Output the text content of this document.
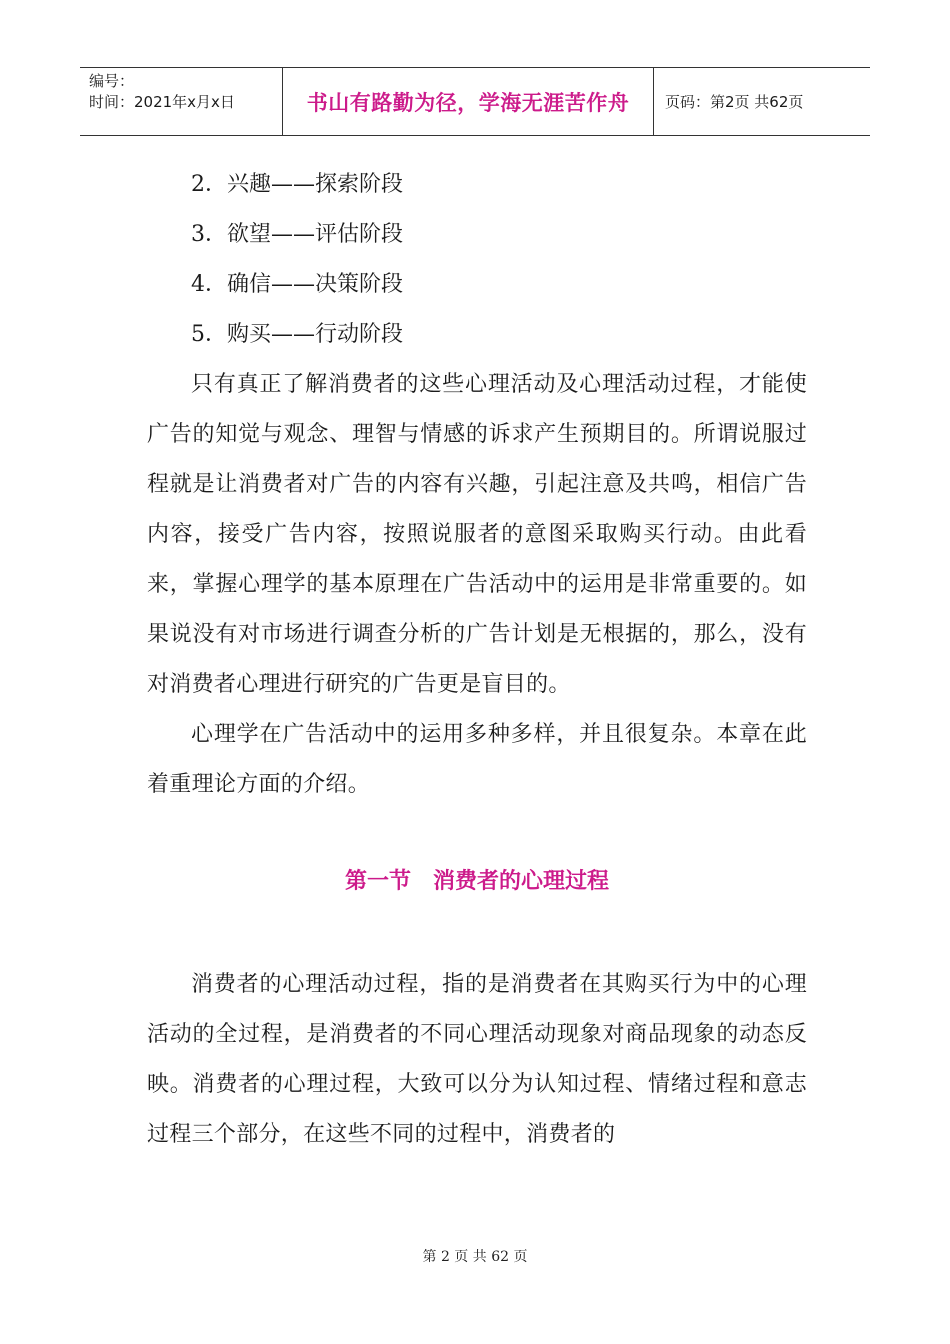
编号：
时间：2021年x月x日	书山有路勤为径，学海无涯苦作舟	页码：第2页 共62页
2．兴趣——探索阶段
3．欲望——评估阶段
4．确信——决策阶段
5．购买——行动阶段

只有真正了解消费者的这些心理活动及心理活动过程，才能使广告的知觉与观念、理智与情感的诉求产生预期目的。所谓说服过程就是让消费者对广告的内容有兴趣，引起注意及共鸣，相信广告内容，接受广告内容，按照说服者的意图采取购买行动。由此看来，掌握心理学的基本原理在广告活动中的运用是非常重要的。如果说没有对市场进行调查分析的广告计划是无根据的，那么，没有对消费者心理进行研究的广告更是盲目的。

心理学在广告活动中的运用多种多样，并且很复杂。本章在此着重理论方面的介绍。

第一节　消费者的心理过程

消费者的心理活动过程，指的是消费者在其购买行为中的心理活动的全过程，是消费者的不同心理活动现象对商品现象的动态反映。消费者的心理过程，大致可以分为认知过程、情绪过程和意志过程三个部分，在这些不同的过程中，消费者的

第 2 页 共 62 页
